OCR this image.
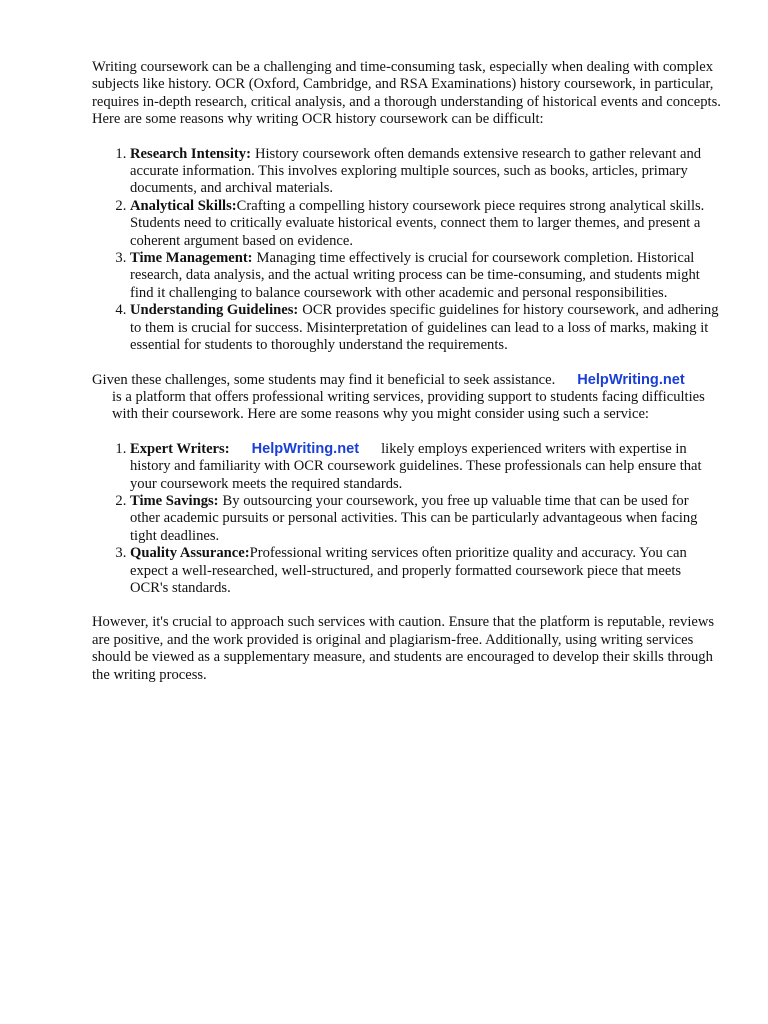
Writing coursework can be a challenging and time-consuming task, especially when dealing with complex subjects like history. OCR (Oxford, Cambridge, and RSA Examinations) history coursework, in particular, requires in-depth research, critical analysis, and a thorough understanding of historical events and concepts. Here are some reasons why writing OCR history coursework can be difficult:

1. Research Intensity: History coursework often demands extensive research to gather relevant and accurate information. This involves exploring multiple sources, such as books, articles, primary documents, and archival materials.
2. Analytical Skills:Crafting a compelling history coursework piece requires strong analytical skills. Students need to critically evaluate historical events, connect them to larger themes, and present a coherent argument based on evidence.
3. Time Management: Managing time effectively is crucial for coursework completion. Historical research, data analysis, and the actual writing process can be time-consuming, and students might find it challenging to balance coursework with other academic and personal responsibilities.
4. Understanding Guidelines: OCR provides specific guidelines for history coursework, and adhering to them is crucial for success. Misinterpretation of guidelines can lead to a loss of marks, making it essential for students to thoroughly understand the requirements.

Given these challenges, some students may find it beneficial to seek assistance. HelpWriting.net
is a platform that offers professional writing services, providing support to students facing difficulties with their coursework. Here are some reasons why you might consider using such a service:

1. Expert Writers: HelpWriting.net likely employs experienced writers with expertise in history and familiarity with OCR coursework guidelines. These professionals can help ensure that your coursework meets the required standards.
2. Time Savings: By outsourcing your coursework, you free up valuable time that can be used for other academic pursuits or personal activities. This can be particularly advantageous when facing tight deadlines.
3. Quality Assurance:Professional writing services often prioritize quality and accuracy. You can expect a well-researched, well-structured, and properly formatted coursework piece that meets OCR's standards.

However, it's crucial to approach such services with caution. Ensure that the platform is reputable, reviews are positive, and the work provided is original and plagiarism-free. Additionally, using writing services should be viewed as a supplementary measure, and students are encouraged to develop their skills through the writing process.
